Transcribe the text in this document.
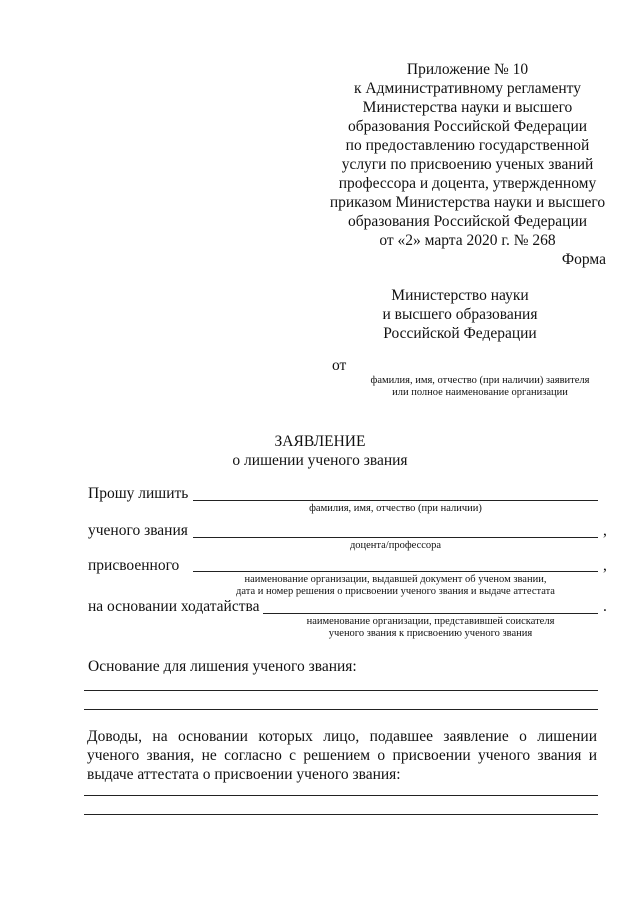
Приложение № 10
к Административному регламенту
Министерства науки и высшего
образования Российской Федерации
по предоставлению государственной
услуги по присвоению ученых званий
профессора и доцента, утвержденному
приказом Министерства науки и высшего
образования Российской Федерации
от «2» марта 2020 г. № 268
Форма
Министерство науки
и высшего образования
Российской Федерации
от
фамилия, имя, отчество (при наличии) заявителя
или полное наименование организации
ЗАЯВЛЕНИЕ
о лишении ученого звания
Прошу лишить
фамилия, имя, отчество (при наличии)
ученого звания	,
доцента/профессора
присвоенного	,
наименование организации, выдавшей документ об ученом звании,
дата и номер решения о присвоении ученого звания и выдаче аттестата
на основании ходатайства	.
наименование организации, представившей соискателя
ученого звания к присвоению ученого звания
Основание для лишения ученого звания:
Доводы, на основании которых лицо, подавшее заявление о лишении ученого звания, не согласно с решением о присвоении ученого звания и выдаче аттестата о присвоении ученого звания:
